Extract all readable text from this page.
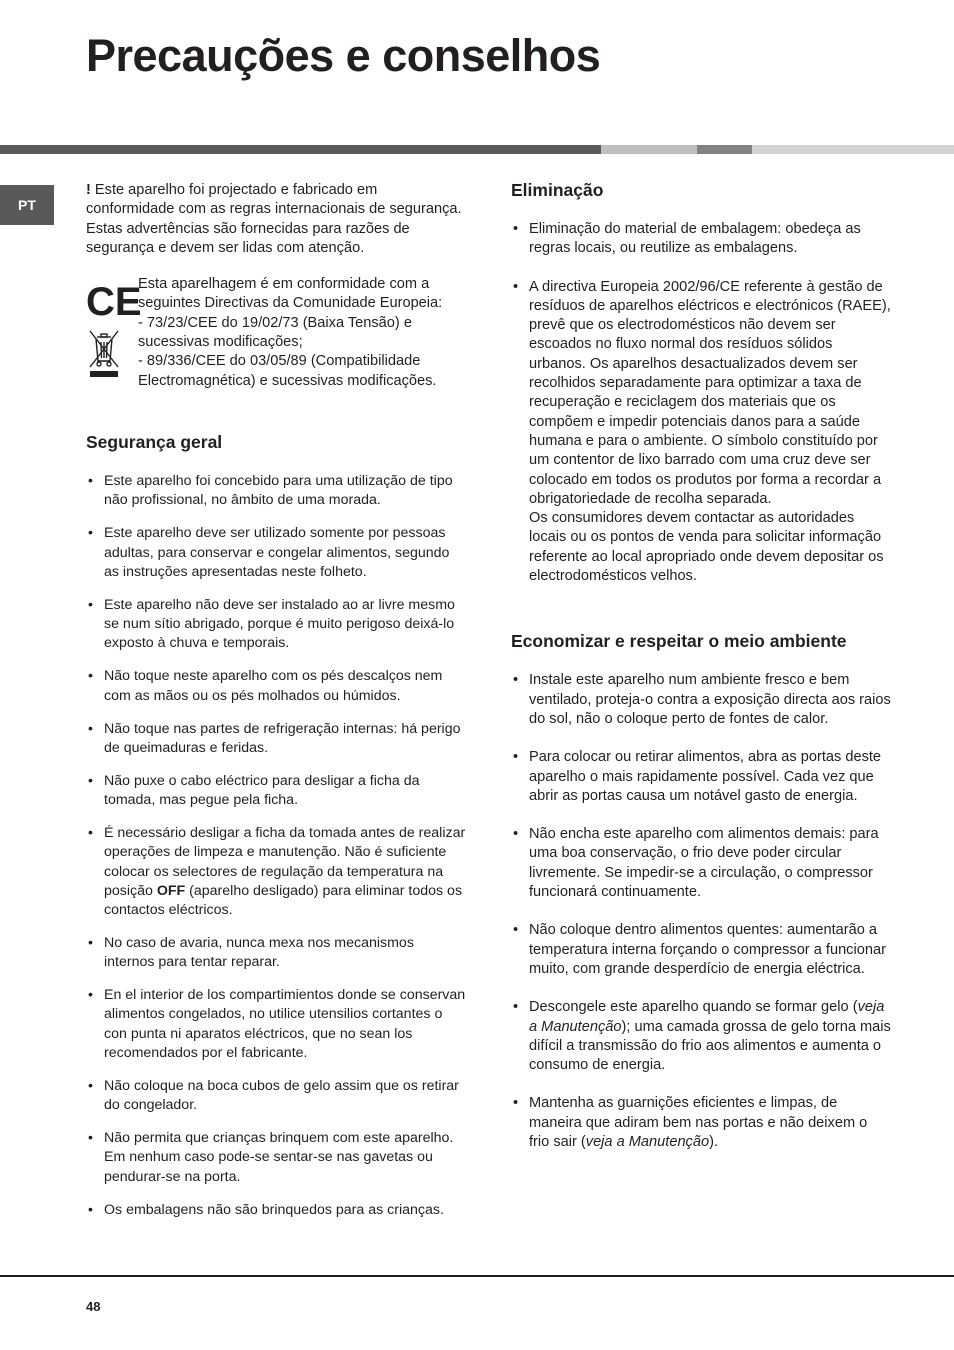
Precauções e conselhos
PT

! Este aparelho foi projectado e fabricado em conformidade com as regras internacionais de segurança. Estas advertências são fornecidas para razões de segurança e devem ser lidas com atenção.

CE

Esta aparelhagem é em conformidade com a seguintes Directivas da Comunidade Europeia:

- 73/23/CEE do 19/02/73 (Baixa Tensão) e sucessivas modificações;

- 89/336/CEE do 03/05/89 (Compatibilidade Electromagnética) e sucessivas modificações.

Segurança geral
• Este aparelho foi concebido para uma utilização de tipo não profissional, no âmbito de uma morada.
• Este aparelho deve ser utilizado somente por pessoas adultas, para conservar e congelar alimentos, segundo as instruções apresentadas neste folheto.
• Este aparelho não deve ser instalado ao ar livre mesmo se num sítio abrigado, porque é muito perigoso deixá-lo exposto à chuva e temporais.
• Não toque neste aparelho com os pés descalços nem com as mãos ou os pés molhados ou húmidos.
• Não toque nas partes de refrigeração internas: há perigo de queimaduras e feridas.
• Não puxe o cabo eléctrico para desligar a ficha da tomada, mas pegue pela ficha.
• É necessário desligar a ficha da tomada antes de realizar operações de limpeza e manutenção. Não é suficiente colocar os selectores de regulação da temperatura na posição OFF (aparelho desligado) para eliminar todos os contactos eléctricos.
• No caso de avaria, nunca mexa nos mecanismos internos para tentar reparar.
• En el interior de los compartimientos donde se conservan alimentos congelados, no utilice utensilios cortantes o con punta ni aparatos eléctricos, que no sean los recomendados por el fabricante.
• Não coloque na boca cubos de gelo assim que os retirar do congelador.
• Não permita que crianças brinquem com este aparelho. Em nenhum caso pode-se sentar-se nas gavetas ou pendurar-se na porta.
• Os embalagens não são brinquedos para as crianças.
Eliminação
• Eliminação do material de embalagem: obedeça as regras locais, ou reutilize as embalagens.
• A directiva Europeia 2002/96/CE referente à gestão de resíduos de aparelhos eléctricos e electrónicos (RAEE), prevê que os electrodomésticos não devem ser escoados no fluxo normal dos resíduos sólidos urbanos. Os aparelhos desactualizados devem ser recolhidos separadamente para optimizar a taxa de recuperação e reciclagem dos materiais que os compõem e impedir potenciais danos para a saúde humana e para o ambiente. O símbolo constituído por um contentor de lixo barrado com uma cruz deve ser colocado em todos os produtos por forma a recordar a obrigatoriedade de recolha separada.
Os consumidores devem contactar as autoridades locais ou os pontos de venda para solicitar informação referente ao local apropriado onde devem depositar os electrodomésticos velhos.
Economizar e respeitar o meio ambiente
• Instale este aparelho num ambiente fresco e bem ventilado, proteja-o contra a exposição directa aos raios do sol, não o coloque perto de fontes de calor.
• Para colocar ou retirar alimentos, abra as portas deste aparelho o mais rapidamente possível. Cada vez que abrir as portas causa um notável gasto de energia.
• Não encha este aparelho com alimentos demais: para uma boa conservação, o frio deve poder circular livremente. Se impedir-se a circulação, o compressor funcionará continuamente.
• Não coloque dentro alimentos quentes: aumentarão a temperatura interna forçando o compressor a funcionar muito, com grande desperdício de energia eléctrica.
• Descongele este aparelho quando se formar gelo (veja a Manutenção); uma camada grossa de gelo torna mais difícil a transmissão do frio aos alimentos e aumenta o consumo de energia.
• Mantenha as guarnições eficientes e limpas, de maneira que adiram bem nas portas e não deixem o frio sair (veja a Manutenção).
48
